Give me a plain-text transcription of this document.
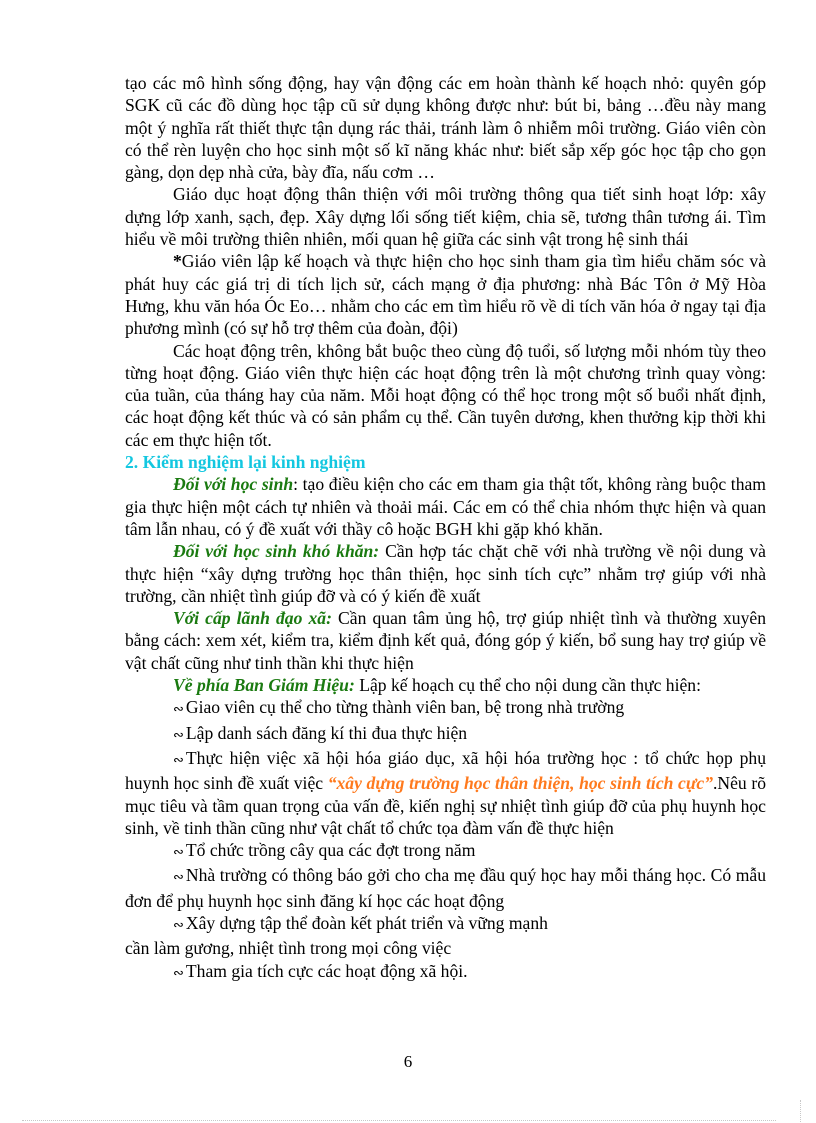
tạo các mô hình sống động, hay vận động các em hoàn thành kế hoạch nhỏ: quyên góp SGK cũ các đồ dùng học tập cũ sử dụng không được như: bút bi, bảng …đều này mang một ý nghĩa rất thiết thực tận dụng rác thải, tránh làm ô nhiễm môi trường. Giáo viên còn có thể rèn luyện cho học sinh một số kĩ năng khác như: biết sắp xếp góc học tập cho gọn gàng, dọn dẹp nhà cửa, bày đĩa, nấu cơm …

Giáo dục hoạt động thân thiện với môi trường thông qua tiết sinh hoạt lớp: xây dựng lớp xanh, sạch, đẹp. Xây dựng lối sống tiết kiệm, chia sẽ, tương thân tương ái. Tìm hiểu về môi trường thiên nhiên, mối quan hệ giữa các sinh vật trong hệ sinh thái

*Giáo viên lập kế hoạch và thực hiện cho học sinh tham gia tìm hiểu chăm sóc và phát huy các giá trị di tích lịch sử, cách mạng ở địa phương: nhà Bác Tôn ở Mỹ Hòa Hưng, khu văn hóa Óc Eo… nhằm cho các em tìm hiểu rõ về di tích văn hóa ở ngay tại địa phương mình (có sự hỗ trợ thêm của đoàn, đội)

Các hoạt động trên, không bắt buộc theo cùng độ tuổi, số lượng mỗi nhóm tùy theo từng hoạt động. Giáo viên thực hiện các hoạt động trên là một chương trình quay vòng: của tuần, của tháng hay của năm. Mỗi hoạt động có thể học trong một số buổi nhất định, các hoạt động kết thúc và có sản phẩm cụ thể. Cần tuyên dương, khen thưởng kịp thời khi các em thực hiện tốt.

2. Kiểm nghiệm lại kinh nghiệm

Đối với học sinh: tạo điều kiện cho các em tham gia thật tốt, không ràng buộc tham gia thực hiện một cách tự nhiên và thoải mái. Các em có thể chia nhóm thực hiện và quan tâm lẫn nhau, có ý đề xuất với thầy cô hoặc BGH khi gặp khó khăn.

Đối với học sinh khó khăn: Cần hợp tác chặt chẽ với nhà trường về nội dung và thực hiện “xây dựng trường học thân thiện, học sinh tích cực” nhằm trợ giúp với nhà trường, cần nhiệt tình giúp đỡ và có ý kiến đề xuất

Với cấp lãnh đạo xã: Cần quan tâm ủng hộ, trợ giúp nhiệt tình và thường xuyên bằng cách: xem xét, kiểm tra, kiểm định kết quả, đóng góp ý kiến, bổ sung hay trợ giúp về vật chất cũng như tinh thần khi thực hiện

Về phía Ban Giám Hiệu: Lập kế hoạch cụ thể cho nội dung cần thực hiện:

∾ Giao viên cụ thể cho từng thành viên ban, bệ trong nhà trường

∾ Lập danh sách đăng kí thi đua thực hiện

∾ Thực hiện việc xã hội hóa giáo dục, xã hội hóa trường học : tổ chức họp phụ huynh học sinh đề xuất việc “xây dựng trường học thân thiện, học sinh tích cực”.Nêu rõ mục tiêu và tầm quan trọng của vấn đề, kiến nghị sự nhiệt tình giúp đỡ của phụ huynh học sinh, về tinh thần cũng như vật chất tổ chức tọa đàm vấn đề thực hiện

∾ Tổ chức trồng cây qua các đợt trong năm

∾ Nhà trường có thông báo gởi cho cha mẹ đầu quý học hay mỗi tháng học. Có mẫu đơn để phụ huynh học sinh đăng kí học các hoạt động

∾ Xây dựng tập thể đoàn kết phát triển và vững mạnh

cần làm gương, nhiệt tình trong mọi công việc

∾ Tham gia tích cực các hoạt động xã hội.

6
